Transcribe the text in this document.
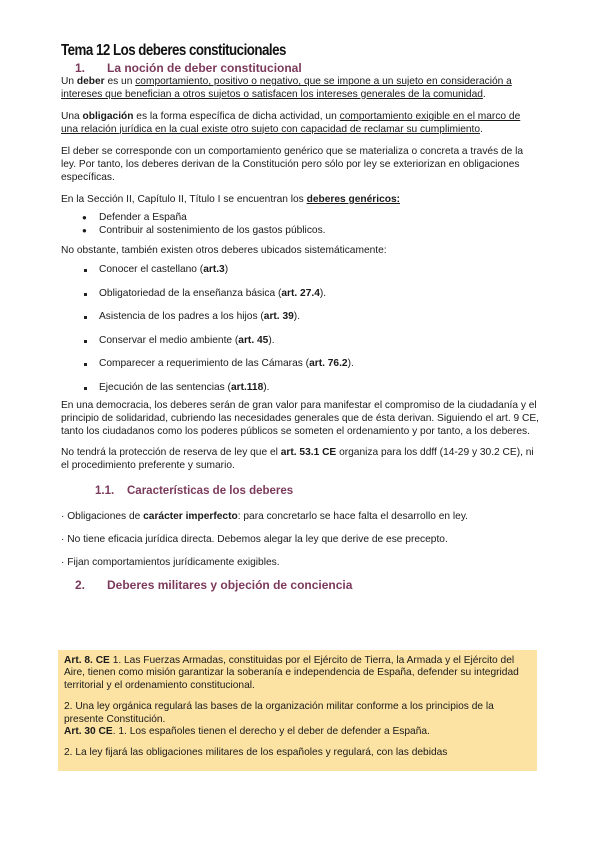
Tema 12 Los deberes constitucionales
1.	La noción de deber constitucional

Un deber es un comportamiento, positivo o negativo, que se impone a un sujeto en consideración a intereses que benefician a otros sujetos o satisfacen los intereses generales de la comunidad.

Una obligación es la forma específica de dicha actividad, un comportamiento exigible en el marco de una relación jurídica en la cual existe otro sujeto con capacidad de reclamar su cumplimiento.

El deber se corresponde con un comportamiento genérico que se materializa o concreta a través de la ley. Por tanto, los deberes derivan de la Constitución pero sólo por ley se exteriorizan en obligaciones específicas.

En la Sección II, Capítulo II, Título I se encuentran los deberes genéricos:

● Defender a España
● Contribuir al sostenimiento de los gastos públicos.

No obstante, también existen otros deberes ubicados sistemáticamente:

Conocer el castellano (art.3)
Obligatoriedad de la enseñanza básica (art. 27.4).
Asistencia de los padres a los hijos (art. 39).
Conservar el medio ambiente (art. 45).
Comparecer a requerimiento de las Cámaras (art. 76.2).
Ejecución de las sentencias (art.118).

En una democracia, los deberes serán de gran valor para manifestar el compromiso de la ciudadanía y el principio de solidaridad, cubriendo las necesidades generales que de ésta derivan. Siguiendo el art. 9 CE, tanto los ciudadanos como los poderes públicos se someten el ordenamiento y por tanto, a los deberes.

No tendrá la protección de reserva de ley que el art. 53.1 CE organiza para los ddff (14-29 y 30.2 CE), ni el procedimiento preferente y sumario.

1.1.	Características de los deberes

· Obligaciones de carácter imperfecto: para concretarlo se hace falta el desarrollo en ley.

· No tiene eficacia jurídica directa. Debemos alegar la ley que derive de ese precepto.

· Fijan comportamientos jurídicamente exigibles.

2.	Deberes militares y objeción de conciencia

Art. 8. CE 1. Las Fuerzas Armadas, constituidas por el Ejército de Tierra, la Armada y el Ejército del Aire, tienen como misión garantizar la soberanía e independencia de España, defender su integridad territorial y el ordenamiento constitucional.

2. Una ley orgánica regulará las bases de la organización militar conforme a los principios de la presente Constitución.

Art. 30 CE. 1. Los españoles tienen el derecho y el deber de defender a España.

2. La ley fijará las obligaciones militares de los españoles y regulará, con las debidas
